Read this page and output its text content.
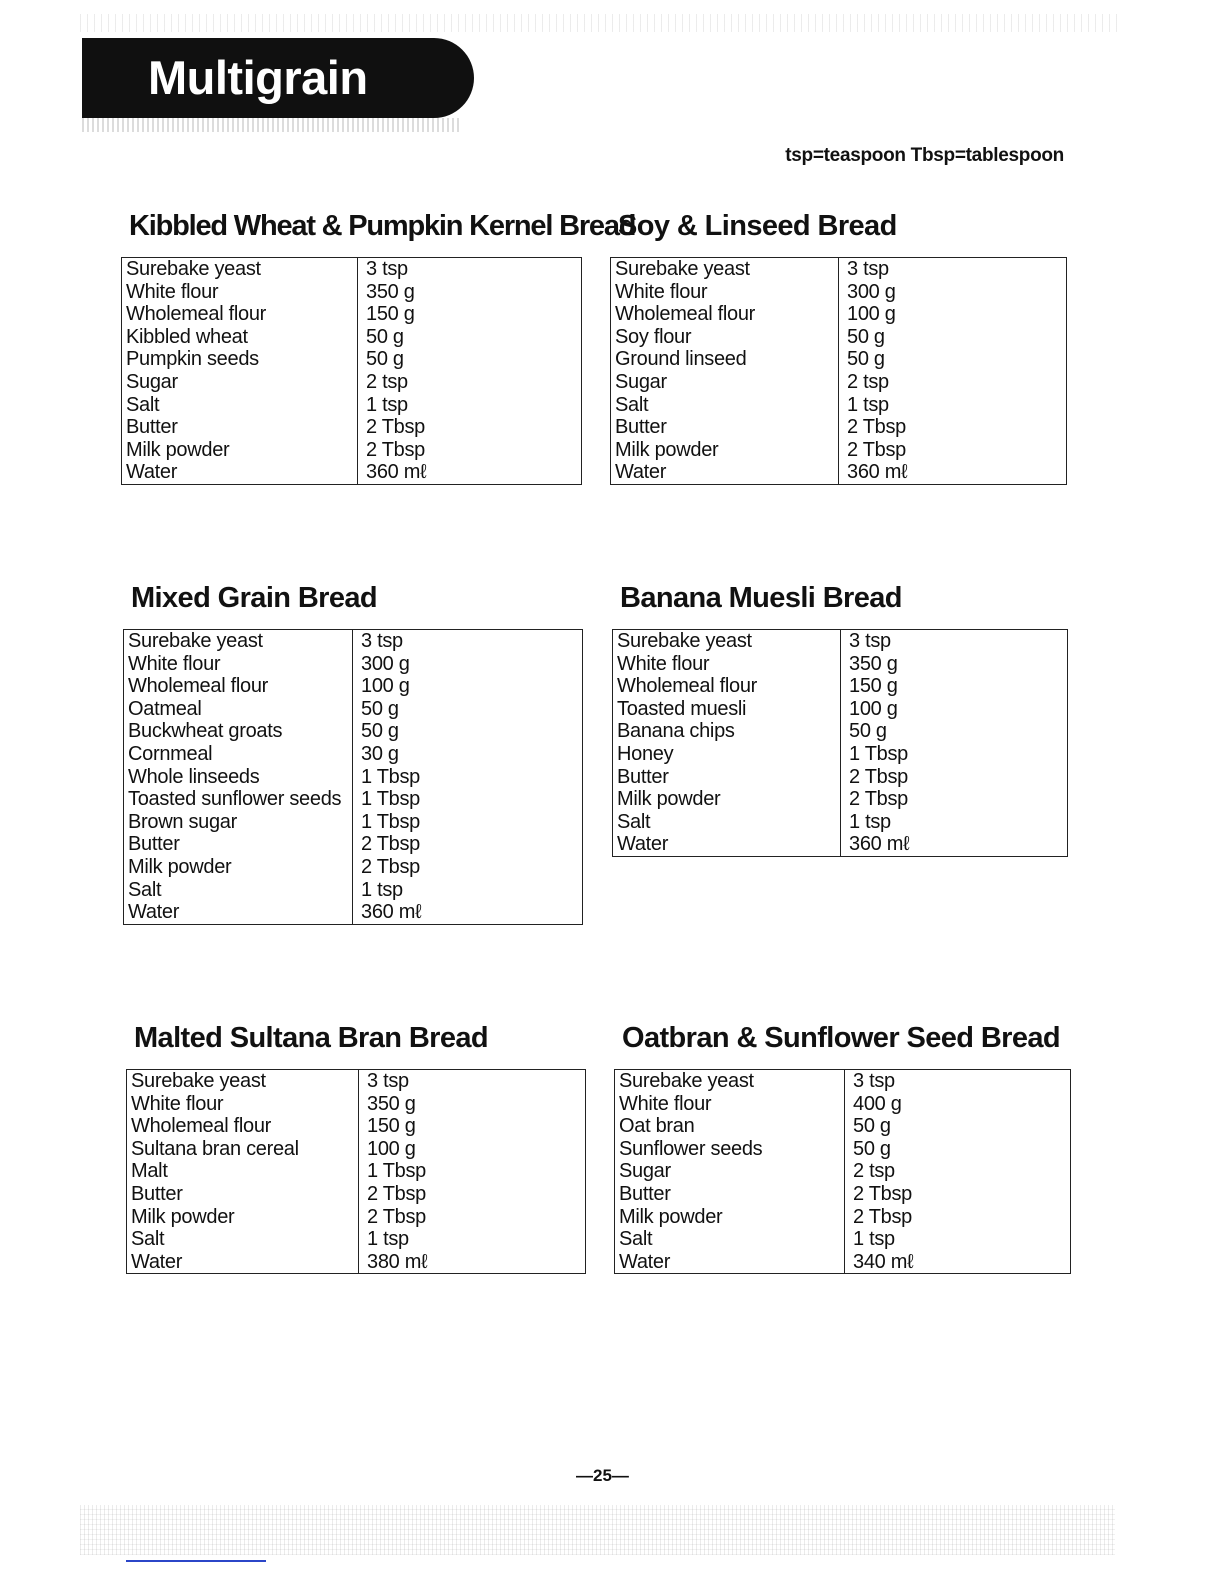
Multigrain
tsp=teaspoon Tbsp=tablespoon
Kibbled Wheat & Pumpkin Kernel Bread
Surebake yeast	3 tsp
White flour	350 g
Wholemeal flour	150 g
Kibbled wheat	50 g
Pumpkin seeds	50 g
Sugar	2 tsp
Salt	1 tsp
Butter	2 Tbsp
Milk powder	2 Tbsp
Water	360 mℓ
Soy & Linseed Bread
Surebake yeast	3 tsp
White flour	300 g
Wholemeal flour	100 g
Soy flour	50 g
Ground linseed	50 g
Sugar	2 tsp
Salt	1 tsp
Butter	2 Tbsp
Milk powder	2 Tbsp
Water	360 mℓ
Mixed Grain Bread
Surebake yeast	3 tsp
White flour	300 g
Wholemeal flour	100 g
Oatmeal	50 g
Buckwheat groats	50 g
Cornmeal	30 g
Whole linseeds	1 Tbsp
Toasted sunflower seeds	1 Tbsp
Brown sugar	1 Tbsp
Butter	2 Tbsp
Milk powder	2 Tbsp
Salt	1 tsp
Water	360 mℓ
Banana Muesli Bread
Surebake yeast	3 tsp
White flour	350 g
Wholemeal flour	150 g
Toasted muesli	100 g
Banana chips	50 g
Honey	1 Tbsp
Butter	2 Tbsp
Milk powder	2 Tbsp
Salt	1 tsp
Water	360 mℓ
Malted Sultana Bran Bread
Surebake yeast	3 tsp
White flour	350 g
Wholemeal flour	150 g
Sultana bran cereal	100 g
Malt	1 Tbsp
Butter	2 Tbsp
Milk powder	2 Tbsp
Salt	1 tsp
Water	380 mℓ
Oatbran & Sunflower Seed Bread
Surebake yeast	3 tsp
White flour	400 g
Oat bran	50 g
Sunflower seeds	50 g
Sugar	2 tsp
Butter	2 Tbsp
Milk powder	2 Tbsp
Salt	1 tsp
Water	340 mℓ
—25—
